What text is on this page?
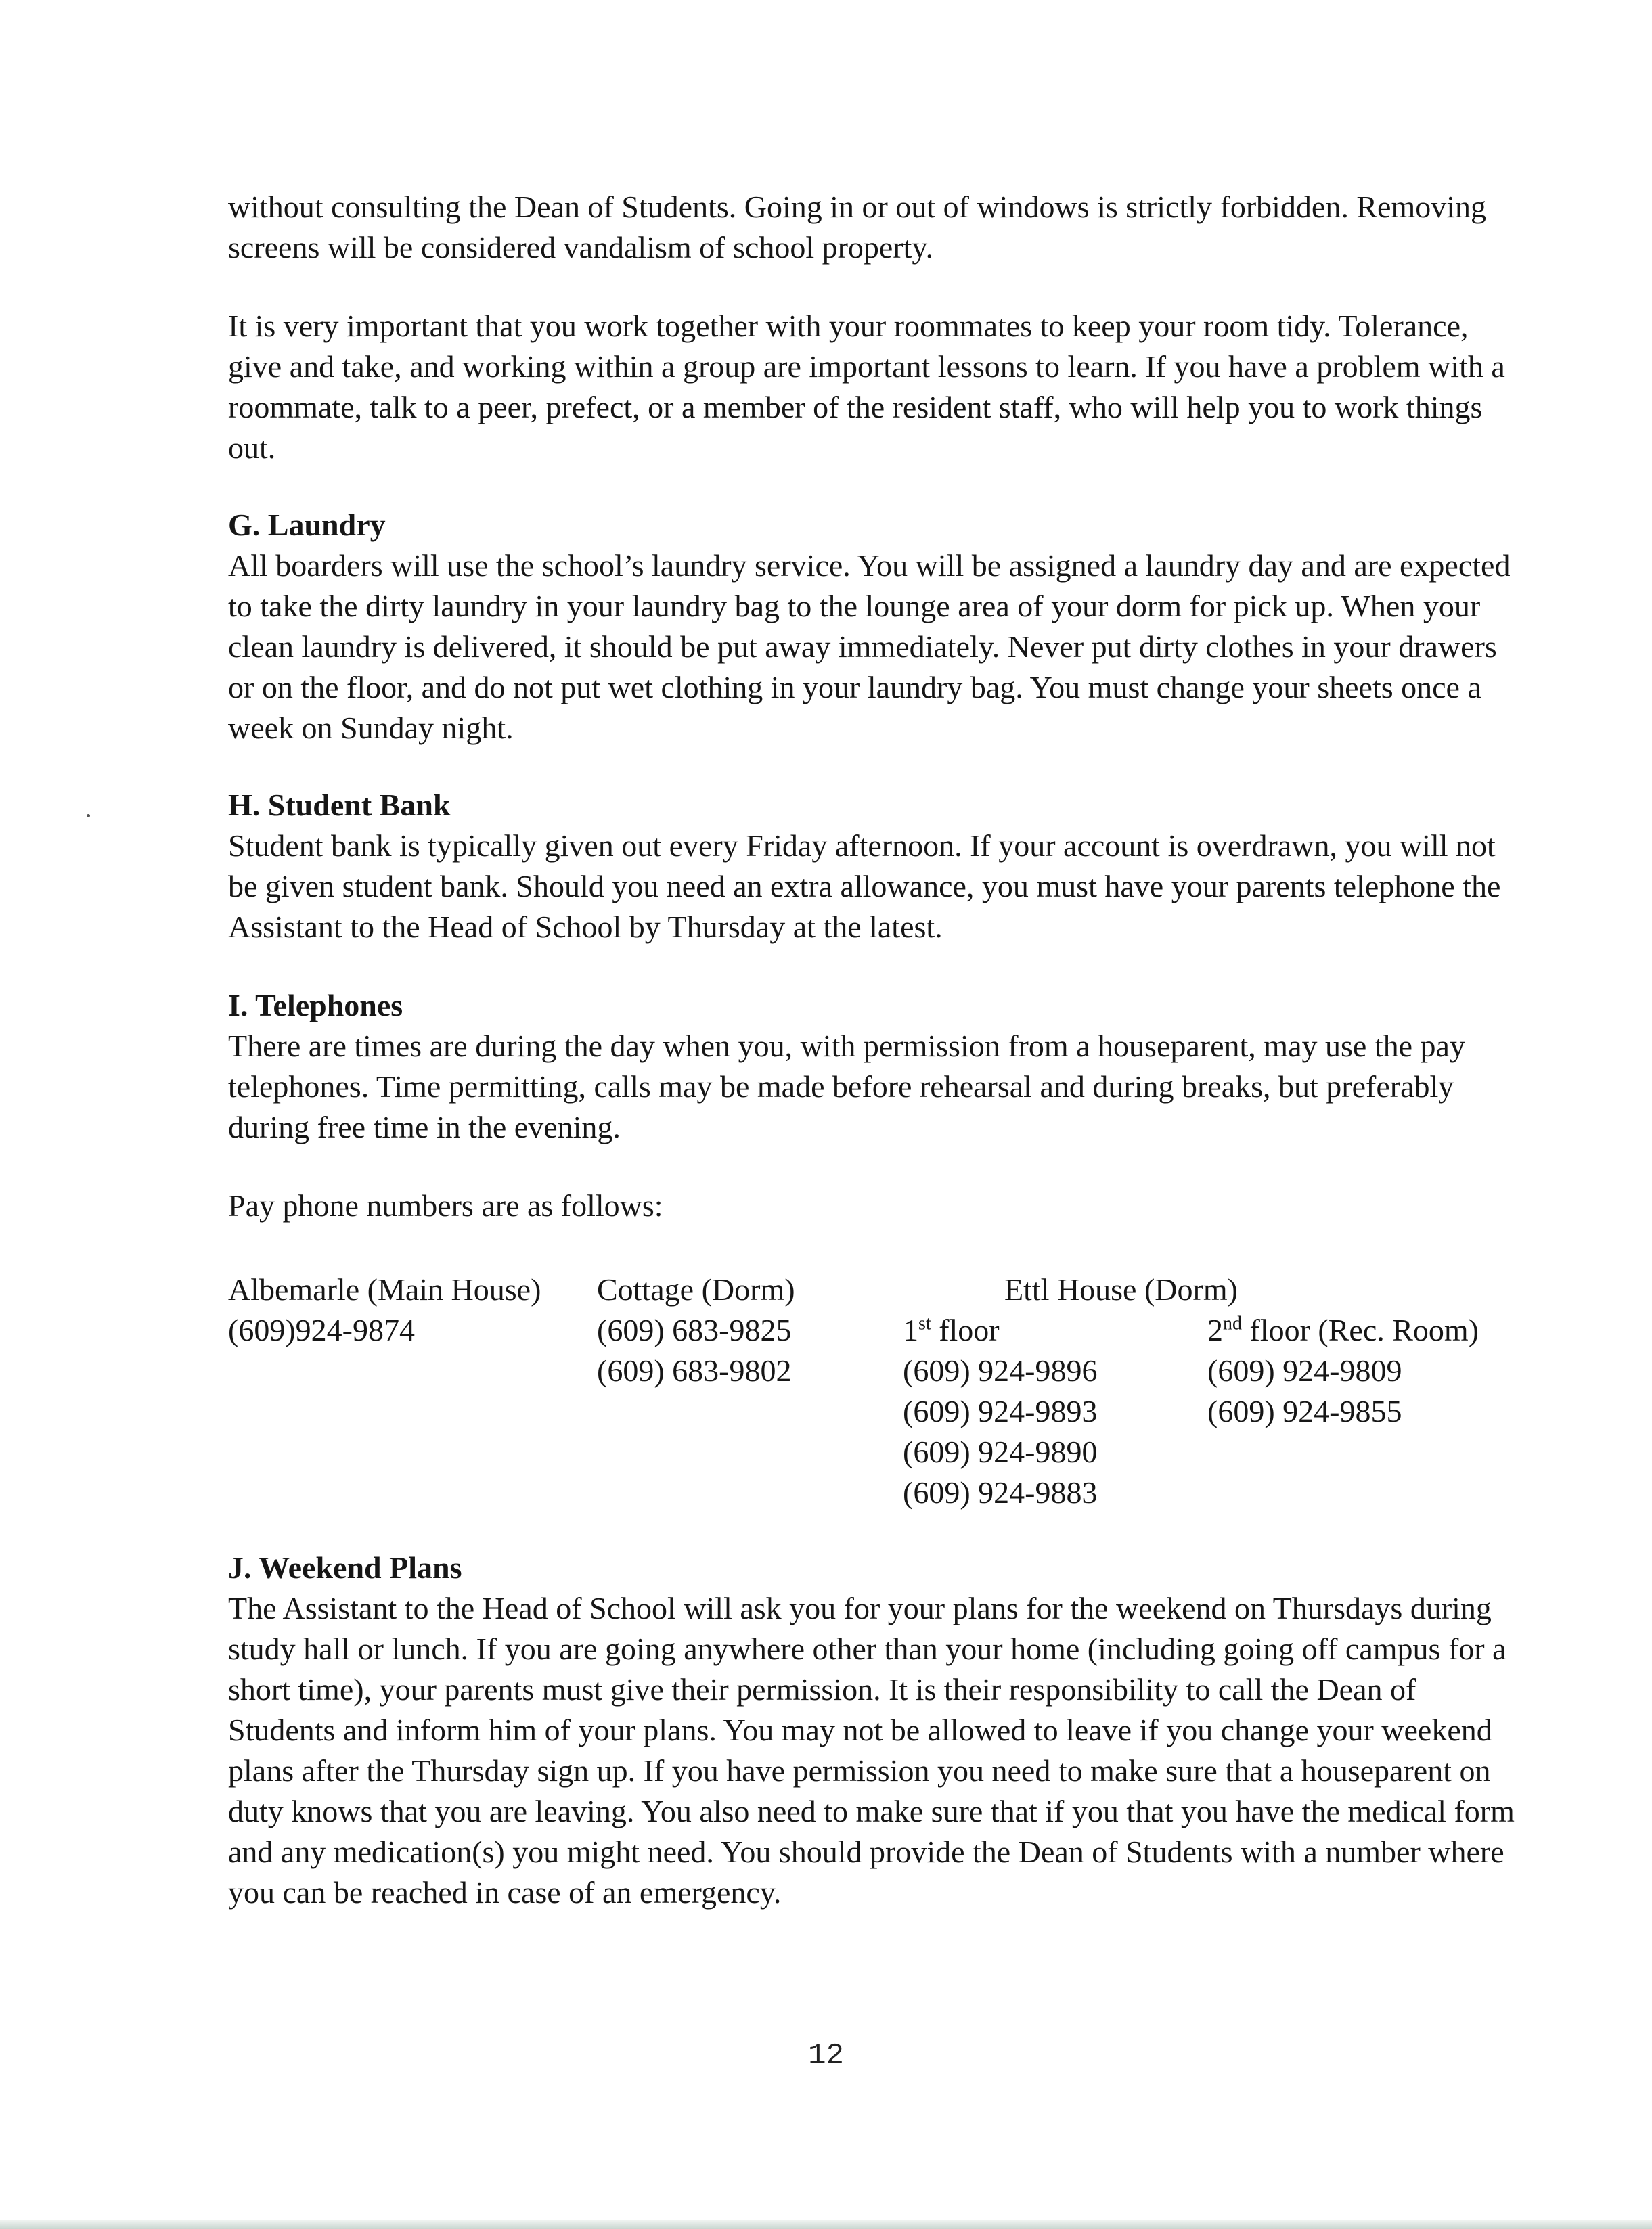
without consulting the Dean of Students. Going in or out of windows is strictly forbidden. Removing screens will be considered vandalism of school property.

It is very important that you work together with your roommates to keep your room tidy. Tolerance, give and take, and working within a group are important lessons to learn. If you have a problem with a roommate, talk to a peer, prefect, or a member of the resident staff, who will help you to work things out.

G. Laundry

All boarders will use the school’s laundry service. You will be assigned a laundry day and are expected to take the dirty laundry in your laundry bag to the lounge area of your dorm for pick up. When your clean laundry is delivered, it should be put away immediately. Never put dirty clothes in your drawers or on the floor, and do not put wet clothing in your laundry bag. You must change your sheets once a week on Sunday night.

H. Student Bank

Student bank is typically given out every Friday afternoon. If your account is overdrawn, you will not be given student bank. Should you need an extra allowance, you must have your parents telephone the Assistant to the Head of School by Thursday at the latest.

I. Telephones

There are times are during the day when you, with permission from a houseparent, may use the pay telephones. Time permitting, calls may be made before rehearsal and during breaks, but preferably during free time in the evening.

Pay phone numbers are as follows:

Albemarle (Main House)
(609)924-9874
Cottage (Dorm)
(609) 683-9825
(609) 683-9802
Ettl House (Dorm)
1st floor
(609) 924-9896
(609) 924-9893
(609) 924-9890
(609) 924-9883
2nd floor (Rec. Room)
(609) 924-9809
(609) 924-9855

J. Weekend Plans

The Assistant to the Head of School will ask you for your plans for the weekend on Thursdays during study hall or lunch. If you are going anywhere other than your home (including going off campus for a short time), your parents must give their permission. It is their responsibility to call the Dean of Students and inform him of your plans. You may not be allowed to leave if you change your weekend plans after the Thursday sign up. If you have permission you need to make sure that a houseparent on duty knows that you are leaving. You also need to make sure that if you that you have the medical form and any medication(s) you might need. You should provide the Dean of Students with a number where you can be reached in case of an emergency.

12
